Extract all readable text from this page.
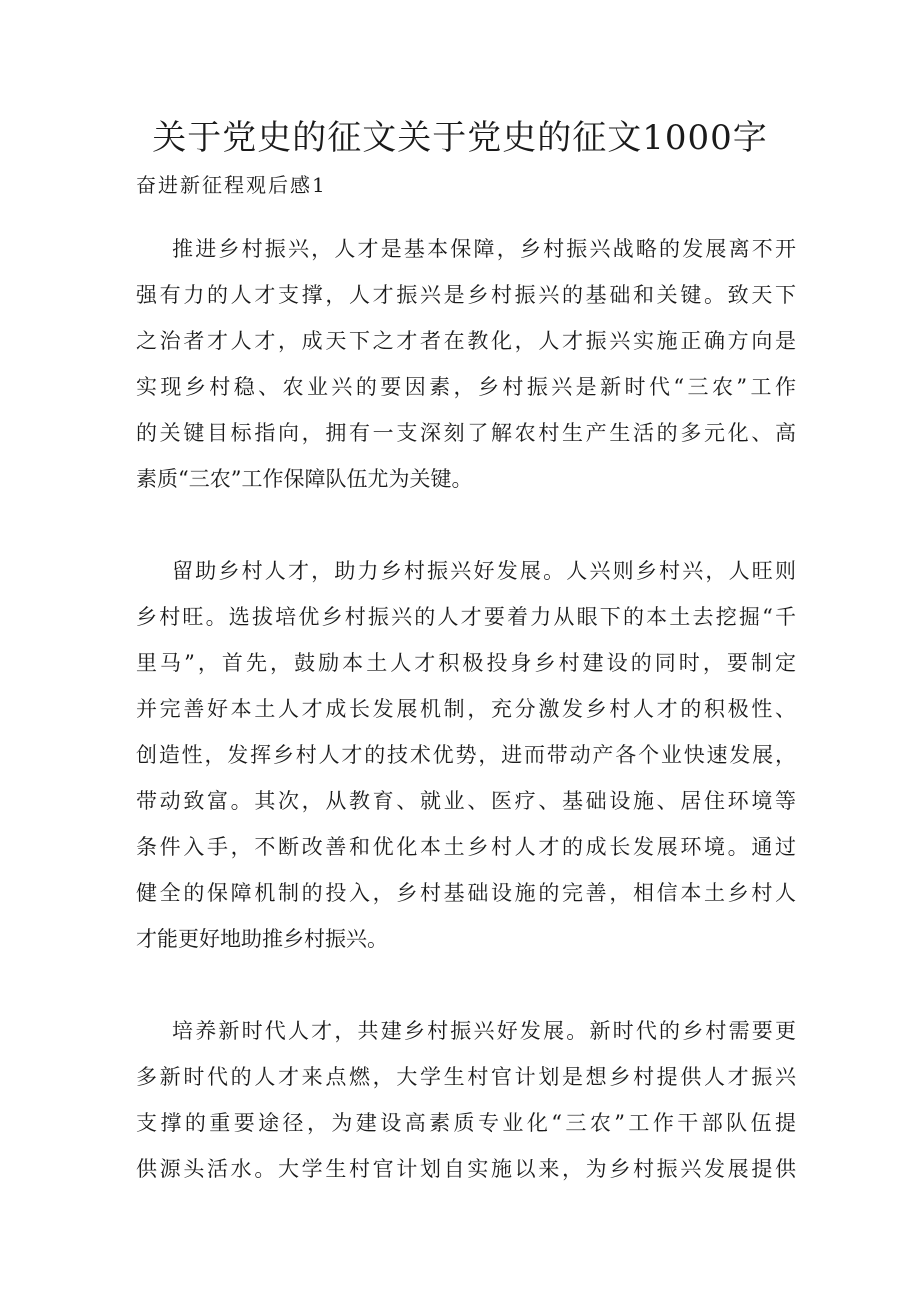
关于党史的征文关于党史的征文1000字
奋进新征程观后感1
推进乡村振兴，人才是基本保障，乡村振兴战略的发展离不开
强有力的人才支撑，人才振兴是乡村振兴的基础和关键。致天下
之治者才人才，成天下之才者在教化，人才振兴实施正确方向是
实现乡村稳、农业兴的要因素，乡村振兴是新时代“三农”工作
的关键目标指向，拥有一支深刻了解农村生产生活的多元化、高
素质“三农”工作保障队伍尤为关键。
留助乡村人才，助力乡村振兴好发展。人兴则乡村兴，人旺则
乡村旺。选拔培优乡村振兴的人才要着力从眼下的本土去挖掘“千
里马”，首先，鼓励本土人才积极投身乡村建设的同时，要制定
并完善好本土人才成长发展机制，充分激发乡村人才的积极性、
创造性，发挥乡村人才的技术优势，进而带动产各个业快速发展，
带动致富。其次，从教育、就业、医疗、基础设施、居住环境等
条件入手，不断改善和优化本土乡村人才的成长发展环境。通过
健全的保障机制的投入，乡村基础设施的完善，相信本土乡村人
才能更好地助推乡村振兴。
培养新时代人才，共建乡村振兴好发展。新时代的乡村需要更
多新时代的人才来点燃，大学生村官计划是想乡村提供人才振兴
支撑的重要途径，为建设高素质专业化“三农”工作干部队伍提
供源头活水。大学生村官计划自实施以来，为乡村振兴发展提供
